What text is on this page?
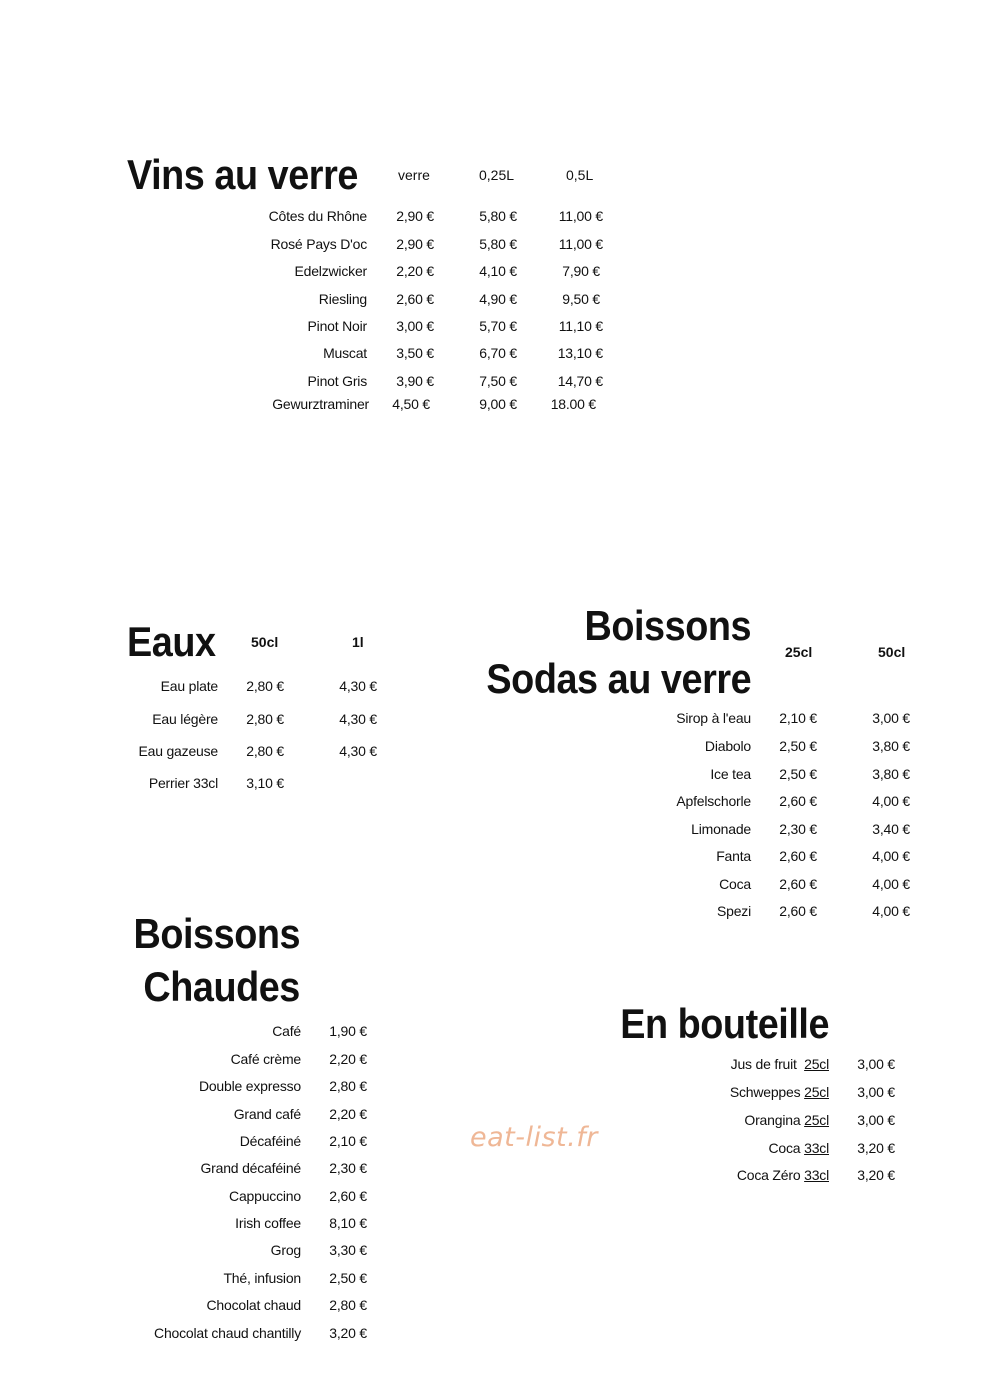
Vins au verre	verre	0,25L	0,5L
Côtes du Rhône 2,90 €	5,80 €	11,00 €
Rosé Pays D'oc 2,90 €	5,80 €	11,00 €
Edelzwicker 2,20 €	4,10 €	7,90 €
Riesling 2,60 €	4,90 €	9,50 €
Pinot Noir 3,00 €	5,70 €	11,10 €
Muscat 3,50 €	6,70 €	13,10 €
Pinot Gris 3,90 €	7,50 €	14,70 €
Gewurztraminer 4,50 €	9,00 € 18.00 €
Eaux	50cl	1l
Eau plate 2,80 €	4,30 €
Eau légère 2,80 €	4,30 €
Eau gazeuse 2,80 €	4,30 €
Perrier 33cl 3,10 €
Boissons
Sodas au verre
25cl	50cl
Sirop à l'eau 2,10 €	3,00 €
Diabolo 2,50 €	3,80 €
Ice tea 2,50 €	3,80 €
Apfelschorle 2,60 €	4,00 €
Limonade 2,30 €	3,40 €
Fanta 2,60 €	4,00 €
Coca 2,60 €	4,00 €
Spezi 2,60 €	4,00 €
Boissons
Chaudes
Café 1,90 €
Café crème 2,20 €
Double expresso 2,80 €
Grand café 2,20 €
Décaféiné 2,10 €
Grand décaféiné 2,30 €
Cappuccino 2,60 €
Irish coffee 8,10 €
Grog 3,30 €
Thé, infusion 2,50 €
Chocolat chaud 2,80 €
Chocolat chaud chantilly 3,20 €
En bouteille
Jus de fruit 25cl 3,00 €
Schweppes 25cl 3,00 €
Orangina 25cl 3,00 €
Coca 33cl 3,20 €
Coca Zéro 33cl 3,20 €
eat-list.fr
